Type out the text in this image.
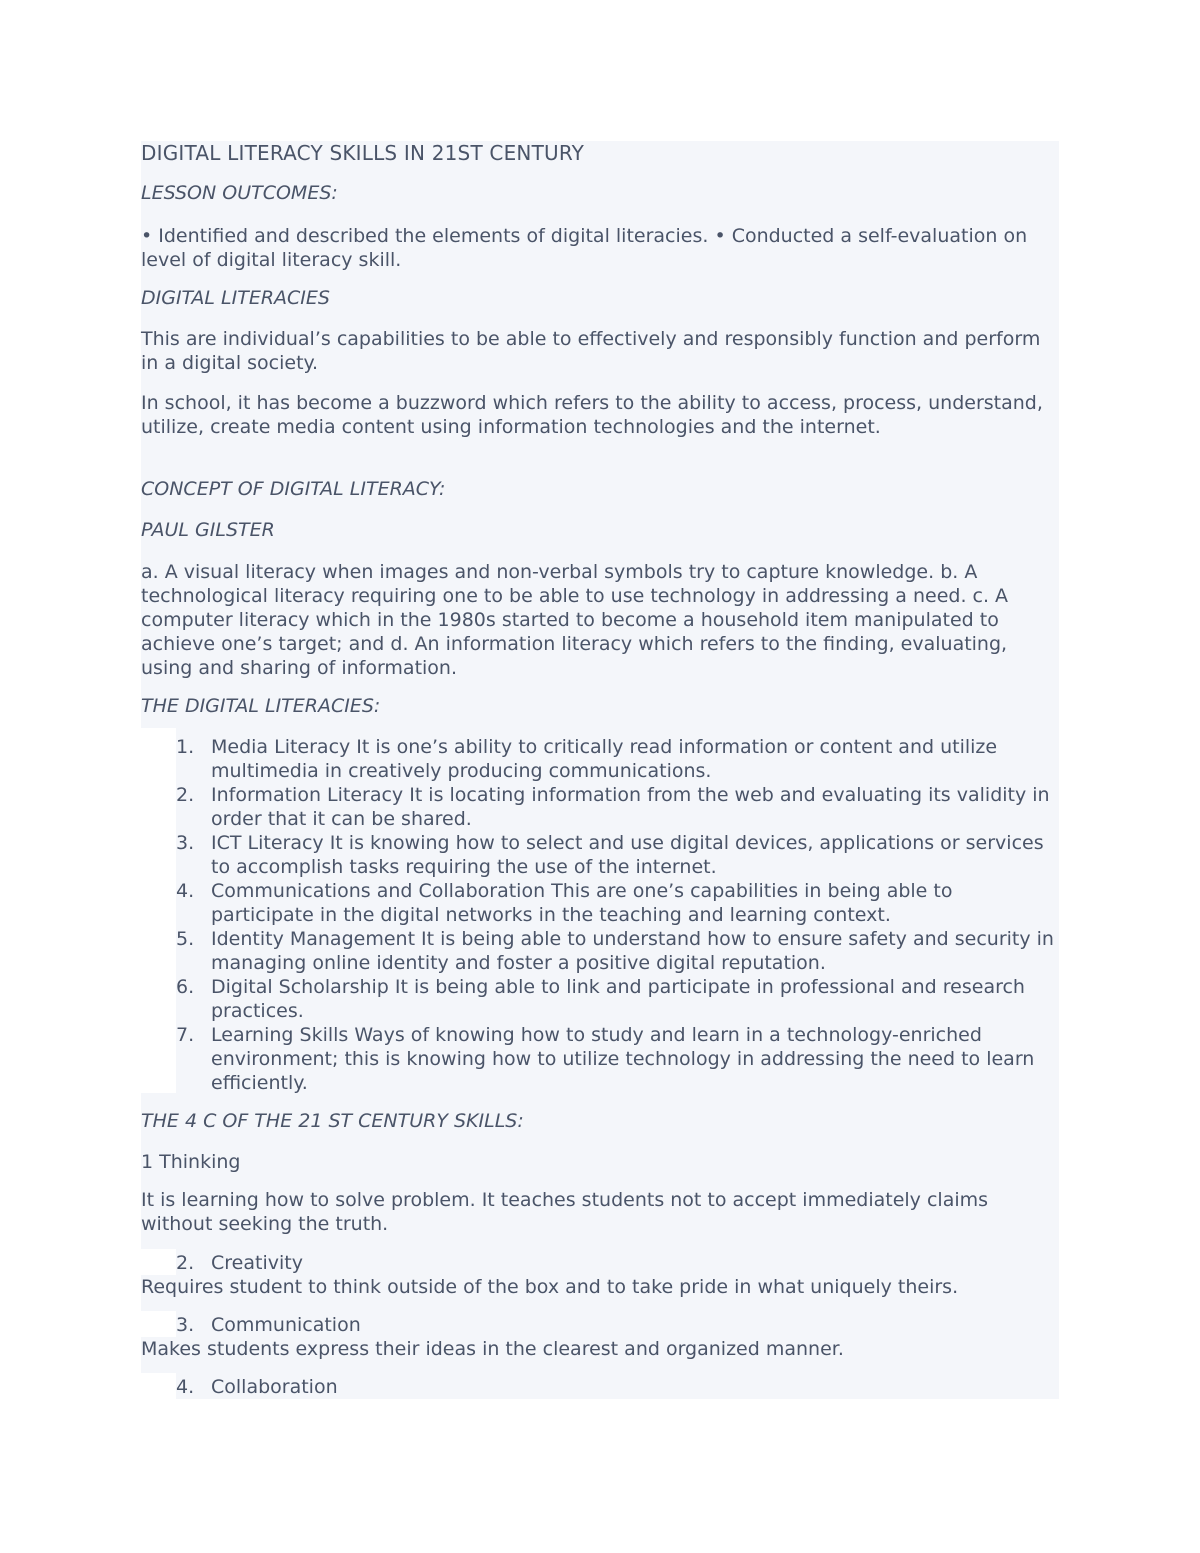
DIGITAL LITERACY SKILLS IN 21ST CENTURY

LESSON OUTCOMES:

• Identified and described the elements of digital literacies. • Conducted a self-evaluation on level of digital literacy skill.

DIGITAL LITERACIES

This are individual’s capabilities to be able to effectively and responsibly function and perform in a digital society.

In school, it has become a buzzword which refers to the ability to access, process, understand, utilize, create media content using information technologies and the internet.

CONCEPT OF DIGITAL LITERACY:

PAUL GILSTER

a. A visual literacy when images and non-verbal symbols try to capture knowledge. b. A technological literacy requiring one to be able to use technology in addressing a need. c. A computer literacy which in the 1980s started to become a household item manipulated to achieve one’s target; and d. An information literacy which refers to the finding, evaluating, using and sharing of information.

THE DIGITAL LITERACIES:

1. Media Literacy It is one’s ability to critically read information or content and utilize multimedia in creatively producing communications.
2. Information Literacy It is locating information from the web and evaluating its validity in order that it can be shared.
3. ICT Literacy It is knowing how to select and use digital devices, applications or services to accomplish tasks requiring the use of the internet.
4. Communications and Collaboration This are one’s capabilities in being able to participate in the digital networks in the teaching and learning context.
5. Identity Management It is being able to understand how to ensure safety and security in managing online identity and foster a positive digital reputation.
6. Digital Scholarship It is being able to link and participate in professional and research practices.
7. Learning Skills Ways of knowing how to study and learn in a technology-enriched environment; this is knowing how to utilize technology in addressing the need to learn efficiently.

THE 4 C OF THE 21 ST CENTURY SKILLS:

1 Thinking

It is learning how to solve problem. It teaches students not to accept immediately claims without seeking the truth.

2. Creativity

Requires student to think outside of the box and to take pride in what uniquely theirs.

3. Communication

Makes students express their ideas in the clearest and organized manner.

4. Collaboration
